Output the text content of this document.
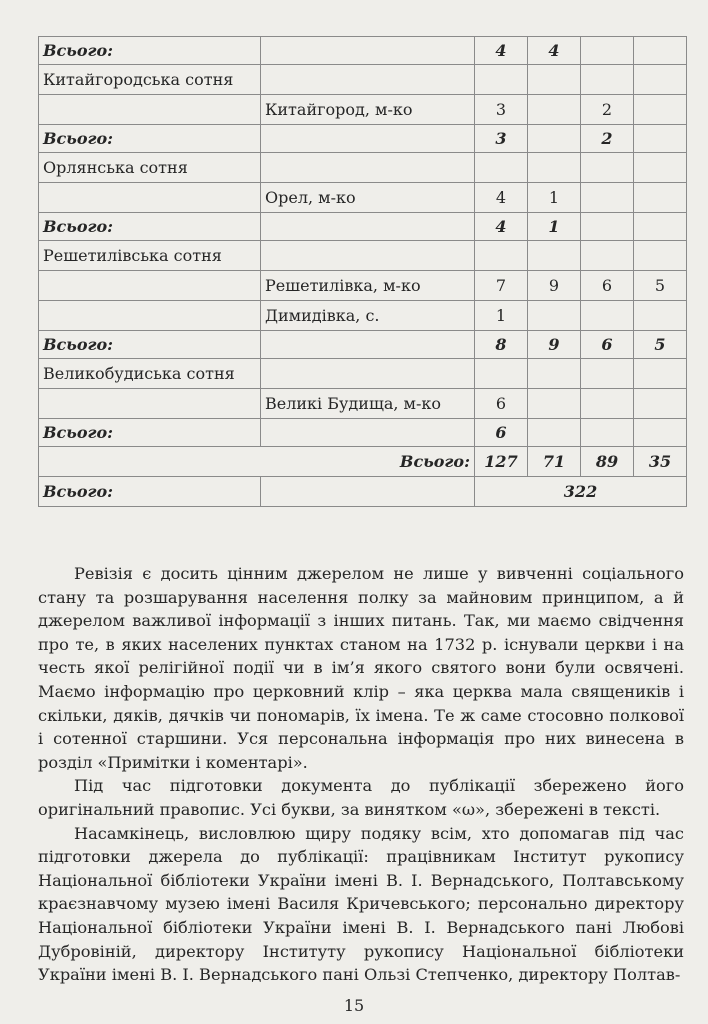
Всього:		4	4		
Китайгородська сотня					
	Китайгород, м-ко	3		2	
Всього:		3		2	
Орлянська сотня					
	Орел, м-ко	4	1		
Всього:		4	1		
Решетилівська сотня					
	Решетилівка, м-ко	7	9	6	5
	Димидівка, с.	1			
Всього:		8	9	6	5
Великобудиська сотня					
	Великі Будища, м-ко	6			
Всього:		6			
Всього:		127	71	89	35
Всього:		322			

Ревізія є досить цінним джерелом не лише у вивченні соціального стану та розшарування населення полку за майновим принципом, а й джерелом важливої інформації з інших питань. Так, ми маємо свідчення про те, в яких населених пунктах станом на 1732 р. існували церкви і на честь якої релігійної події чи в ім’я якого святого вони були освячені. Маємо інформацію про церковний клір – яка церква мала священиків і скільки, дяків, дячків чи пономарів, їх імена. Те ж саме стосовно полкової і сотенної старшини. Уся персональна інформація про них винесена в розділ «Примітки і коментарі».

Під час підготовки документа до публікації збережено його оригінальний правопис. Усі букви, за винятком «ω», збережені в тексті.

Насамкінець, висловлюю щиру подяку всім, хто допомагав під час підготовки джерела до публікації: працівникам Інститут рукопису Національної бібліотеки України імені В. І. Вернадського, Полтавському краєзнавчому музею імені Василя Кричевського; персонально директору Національної бібліотеки України імені В. І. Вернадського пані Любові Дубровіній, директору Інституту рукопису Національної бібліотеки України імені В. І. Вернадського пані Ользі Степченко, директору Полтав-

15
